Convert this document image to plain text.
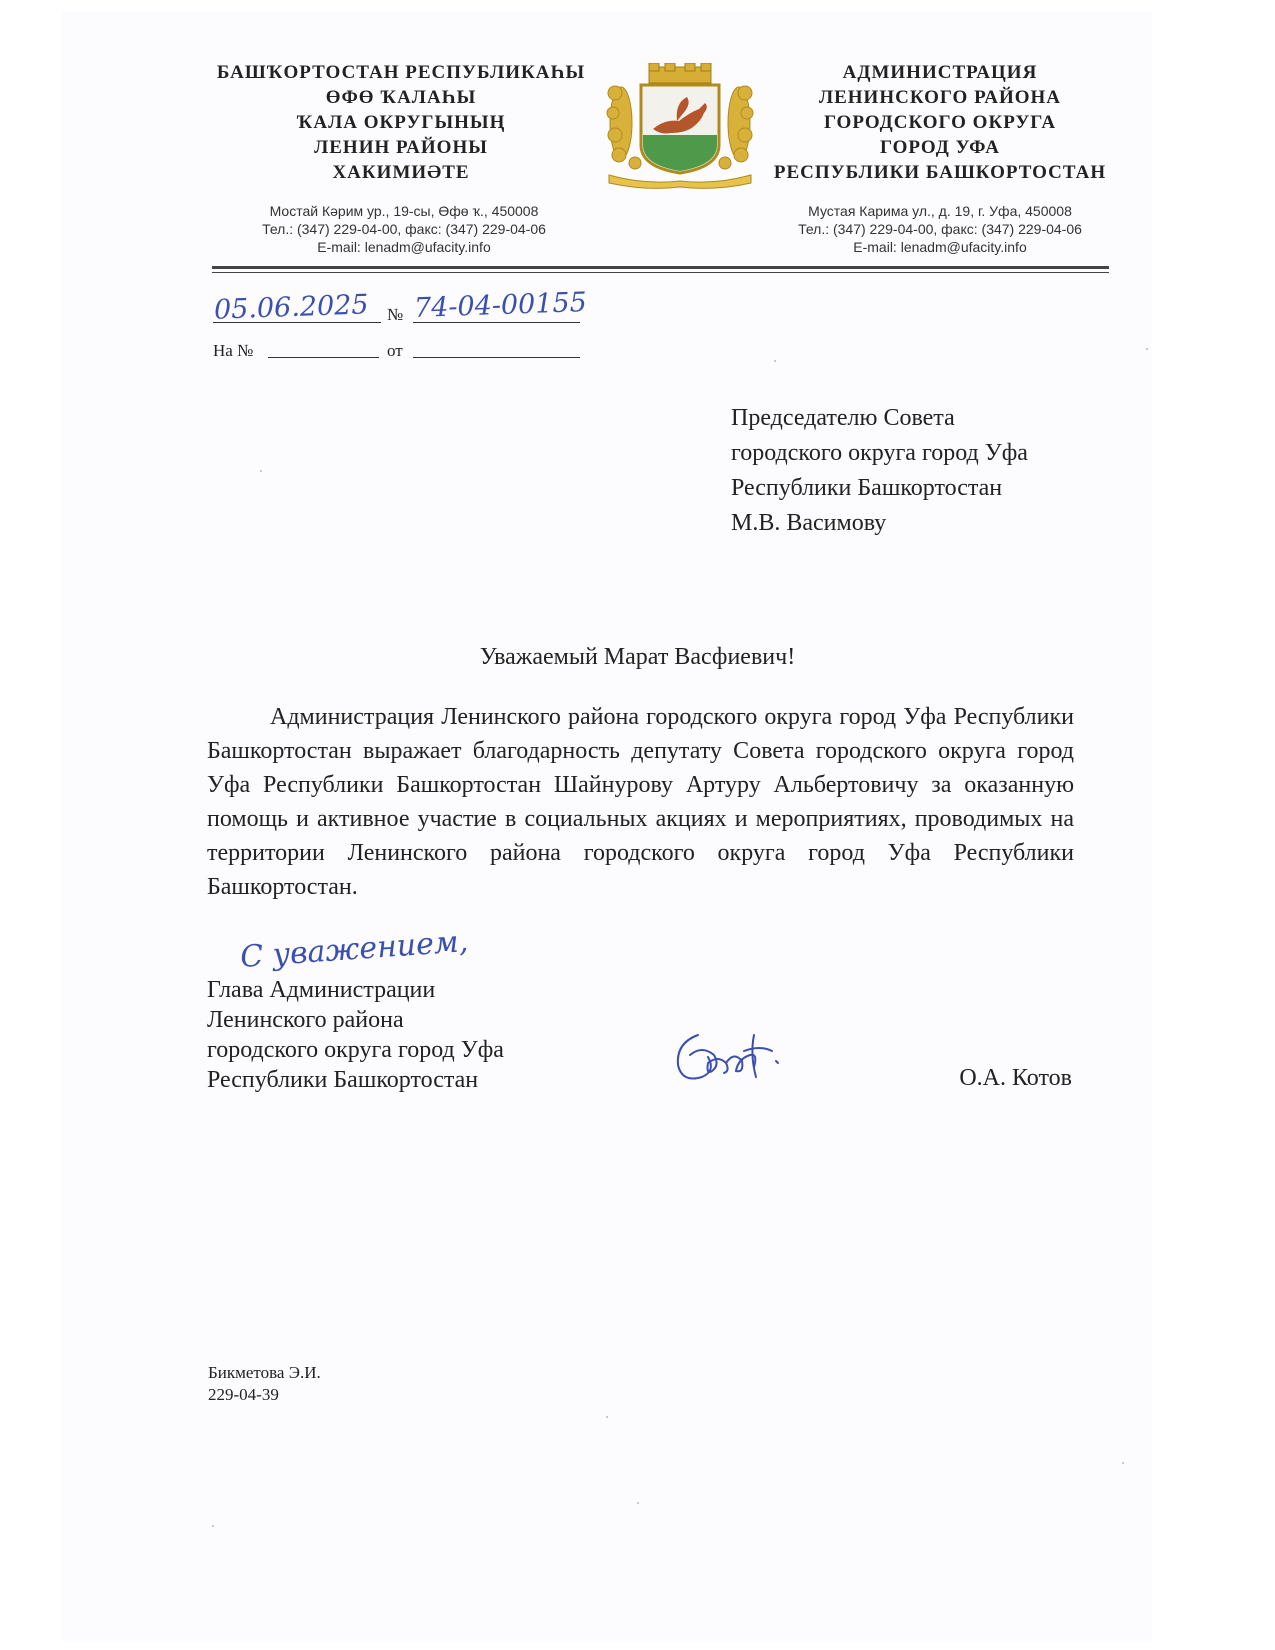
БАШҠОРТОСТАН РЕСПУБЛИКАҺЫ
ӨФӨ ҠАЛАҺЫ
ҠАЛА ОКРУГЫНЫҢ
ЛЕНИН РАЙОНЫ
ХАКИМИӘТЕ
АДМИНИСТРАЦИЯ
ЛЕНИНСКОГО РАЙОНА
ГОРОДСКОГО ОКРУГА
ГОРОД УФА
РЕСПУБЛИКИ БАШКОРТОСТАН
Мостай Кәрим ур., 19-сы, Өфө ҡ., 450008
Тел.: (347) 229-04-00, факс: (347) 229-04-06
E-mail: lenadm@ufacity.info
Мустая Карима ул., д. 19, г. Уфа, 450008
Тел.: (347) 229-04-00, факс: (347) 229-04-06
E-mail: lenadm@ufacity.info
05.06.2025 № 74-04-00155
На №	от
Председателю Совета
городского округа город Уфа
Республики Башкортостан
М.В. Васимову
Уважаемый Марат Васфиевич!
Администрация Ленинского района городского округа город Уфа Республики Башкортостан выражает благодарность депутату Совета городского округа город Уфа Республики Башкортостан Шайнурову Артуру Альбертовичу за оказанную помощь и активное участие в социальных акциях и мероприятиях, проводимых на территории Ленинского района городского округа город Уфа Республики Башкортостан.
С уважением,
Глава Администрации
Ленинского района
городского округа город Уфа
Республики Башкортостан	О.А. Котов
Бикметова Э.И.
229-04-39
